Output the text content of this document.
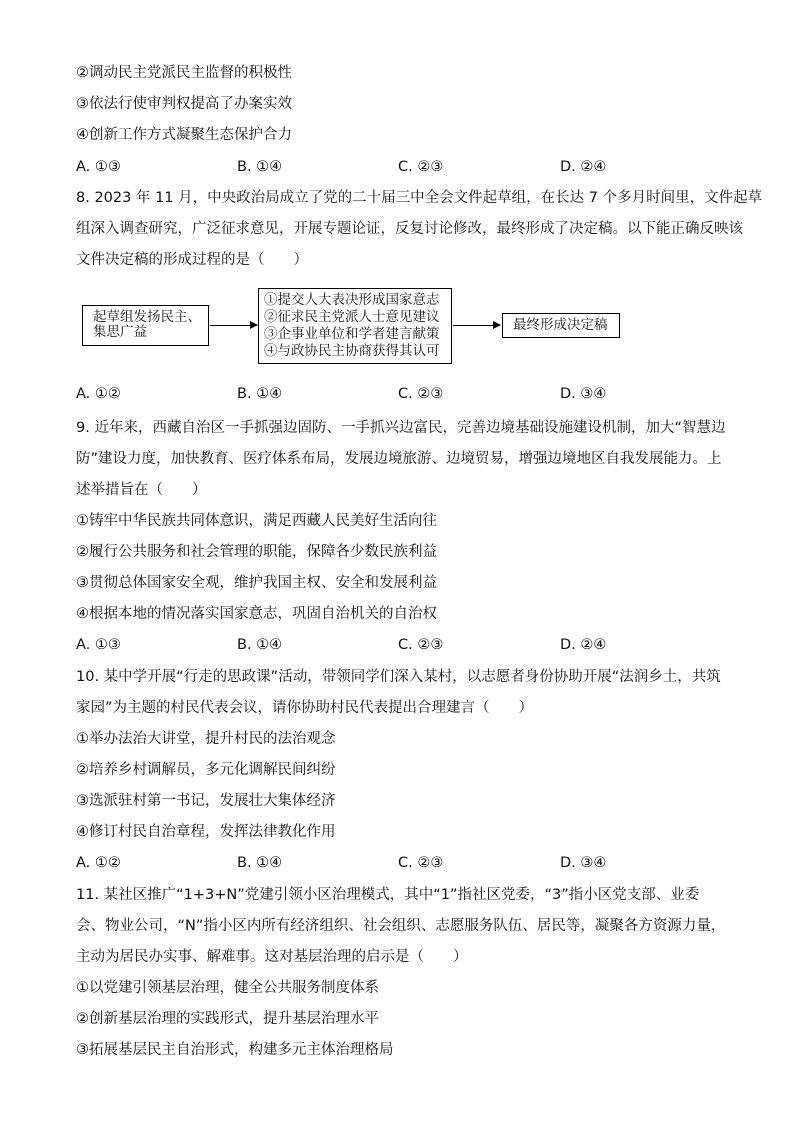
②调动民主党派民主监督的积极性
③依法行使审判权提高了办案实效
④创新工作方式凝聚生态保护合力
A. ①③	B. ①④	C. ②③	D. ②④
8. 2023 年 11 月，中央政治局成立了党的二十届三中全会文件起草组，在长达 7 个多月时间里，文件起草
组深入调查研究，广泛征求意见，开展专题论证，反复讨论修改，最终形成了决定稿。以下能正确反映该
文件决定稿的形成过程的是（　　）
起草组发扬民主、
集思广益
①提交人大表决形成国家意志
②征求民主党派人士意见建议
③企事业单位和学者建言献策
④与政协民主协商获得其认可
最终形成决定稿
A. ①②	B. ①④	C. ②③	D. ③④
9. 近年来，西藏自治区一手抓强边固防、一手抓兴边富民，完善边境基础设施建设机制，加大“智慧边
防”建设力度，加快教育、医疗体系布局，发展边境旅游、边境贸易，增强边境地区自我发展能力。上
述举措旨在（　　）
①铸牢中华民族共同体意识，满足西藏人民美好生活向往
②履行公共服务和社会管理的职能，保障各少数民族利益
③贯彻总体国家安全观，维护我国主权、安全和发展利益
④根据本地的情况落实国家意志，巩固自治机关的自治权
A. ①③	B. ①④	C. ②③	D. ②④
10. 某中学开展“行走的思政课”活动，带领同学们深入某村，以志愿者身份协助开展“法润乡土，共筑
家园”为主题的村民代表会议，请你协助村民代表提出合理建言（　　）
①举办法治大讲堂，提升村民的法治观念
②培养乡村调解员，多元化调解民间纠纷
③选派驻村第一书记，发展壮大集体经济
④修订村民自治章程，发挥法律教化作用
A. ①②	B. ①④	C. ②③	D. ③④
11. 某社区推广“1+3+N”党建引领小区治理模式，其中“1”指社区党委，“3”指小区党支部、业委
会、物业公司，“N”指小区内所有经济组织、社会组织、志愿服务队伍、居民等，凝聚各方资源力量，
主动为居民办实事、解难事。这对基层治理的启示是（　　）
①以党建引领基层治理，健全公共服务制度体系
②创新基层治理的实践形式，提升基层治理水平
③拓展基层民主自治形式，构建多元主体治理格局
